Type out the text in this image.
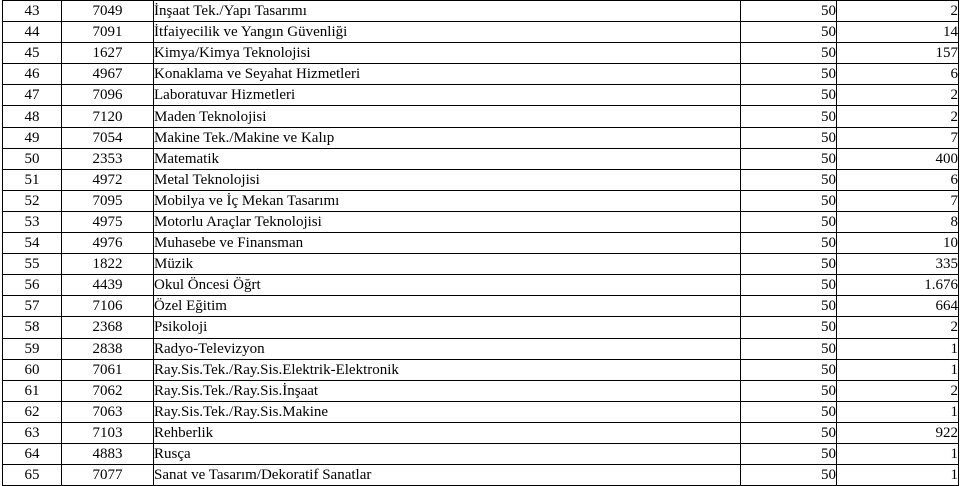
43	7049	İnşaat Tek./Yapı Tasarımı	50	2
44	7091	İtfaiyecilik ve Yangın Güvenliği	50	14
45	1627	Kimya/Kimya Teknolojisi	50	157
46	4967	Konaklama ve Seyahat Hizmetleri	50	6
47	7096	Laboratuvar Hizmetleri	50	2
48	7120	Maden Teknolojisi	50	2
49	7054	Makine Tek./Makine ve Kalıp	50	7
50	2353	Matematik	50	400
51	4972	Metal Teknolojisi	50	6
52	7095	Mobilya ve İç Mekan Tasarımı	50	7
53	4975	Motorlu Araçlar Teknolojisi	50	8
54	4976	Muhasebe ve Finansman	50	10
55	1822	Müzik	50	335
56	4439	Okul Öncesi Öğrt	50	1.676
57	7106	Özel Eğitim	50	664
58	2368	Psikoloji	50	2
59	2838	Radyo-Televizyon	50	1
60	7061	Ray.Sis.Tek./Ray.Sis.Elektrik-Elektronik	50	1
61	7062	Ray.Sis.Tek./Ray.Sis.İnşaat	50	2
62	7063	Ray.Sis.Tek./Ray.Sis.Makine	50	1
63	7103	Rehberlik	50	922
64	4883	Rusça	50	1
65	7077	Sanat ve Tasarım/Dekoratif Sanatlar	50	1
